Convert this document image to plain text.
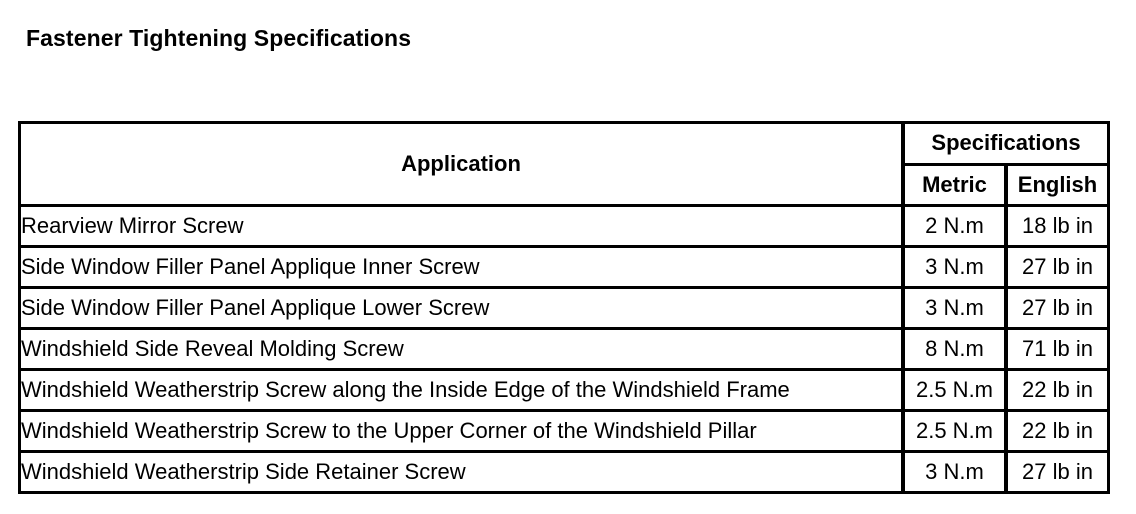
Fastener Tightening Specifications
Application	Specifications	
	Metric	English
Rearview Mirror Screw	2 N.m	18 lb in
Side Window Filler Panel Applique Inner Screw	3 N.m	27 lb in
Side Window Filler Panel Applique Lower Screw	3 N.m	27 lb in
Windshield Side Reveal Molding Screw	8 N.m	71 lb in
Windshield Weatherstrip Screw along the Inside Edge of the Windshield Frame	2.5 N.m	22 lb in
Windshield Weatherstrip Screw to the Upper Corner of the Windshield Pillar	2.5 N.m	22 lb in
Windshield Weatherstrip Side Retainer Screw	3 N.m	27 lb in
